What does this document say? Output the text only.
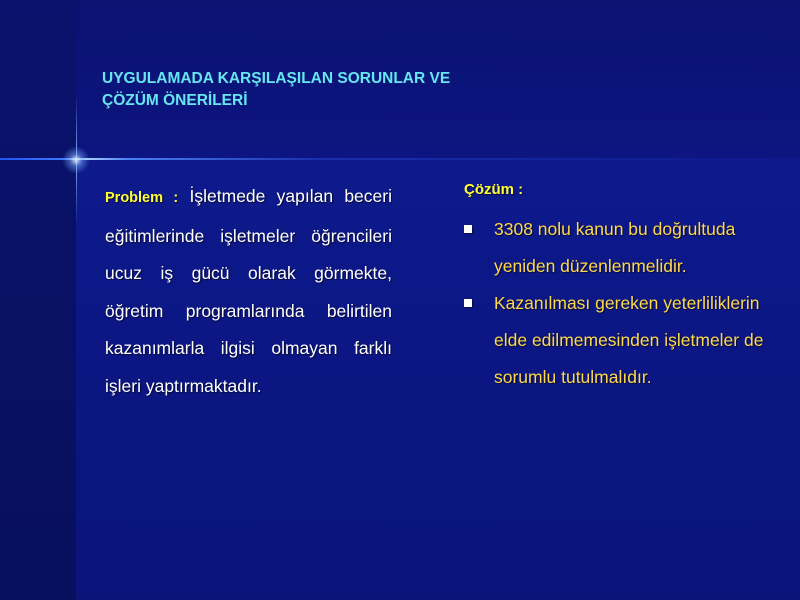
UYGULAMADA KARŞILAŞILAN SORUNLAR VE
ÇÖZÜM ÖNERİLERİ
Problem : İşletmede yapılan beceri eğitimlerinde işletmeler öğrencileri ucuz iş gücü olarak görmekte, öğretim programlarında belirtilen kazanımlarla ilgisi olmayan farklı işleri yaptırmaktadır.
Çözüm :
3308 nolu kanun bu doğrultuda yeniden düzenlenmelidir.
Kazanılması gereken yeterliliklerin elde edilmemesinden işletmeler de sorumlu tutulmalıdır.
